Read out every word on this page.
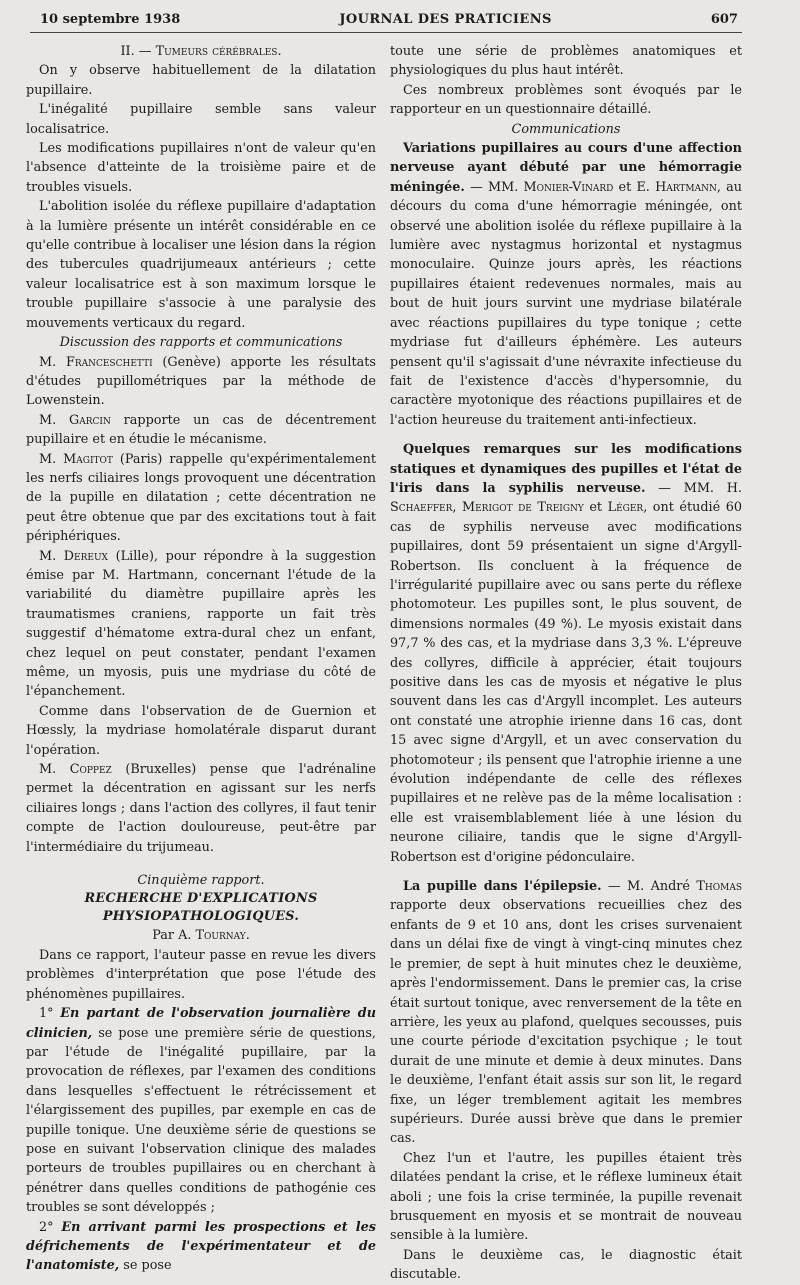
10 septembre 1938	JOURNAL DES PRATICIENS	607

II. — Tumeurs cérébrales.

On y observe habituellement de la dilatation pupillaire.

L'inégalité pupillaire semble sans valeur localisatrice.

Les modifications pupillaires n'ont de valeur qu'en l'absence d'atteinte de la troisième paire et de troubles visuels.

L'abolition isolée du réflexe pupillaire d'adaptation à la lumière présente un intérêt considérable en ce qu'elle contribue à localiser une lésion dans la région des tubercules quadrijumeaux antérieurs ; cette valeur localisatrice est à son maximum lorsque le trouble pupillaire s'associe à une paralysie des mouvements verticaux du regard.

Discussion des rapports et communications

M. Franceschetti (Genève) apporte les résultats d'études pupillométriques par la méthode de Lowenstein.

M. Garcin rapporte un cas de décentrement pupillaire et en étudie le mécanisme.

M. Magitot (Paris) rappelle qu'expérimentalement les nerfs ciliaires longs provoquent une décentration de la pupille en dilatation ; cette décentration ne peut être obtenue que par des excitations tout à fait périphériques.

M. Dereux (Lille), pour répondre à la suggestion émise par M. Hartmann, concernant l'étude de la variabilité du diamètre pupillaire après les traumatismes craniens, rapporte un fait très suggestif d'hématome extra-dural chez un enfant, chez lequel on peut constater, pendant l'examen même, un myosis, puis une mydriase du côté de l'épanchement.

Comme dans l'observation de de Guernion et Hœssly, la mydriase homolatérale disparut durant l'opération.

M. Coppez (Bruxelles) pense que l'adrénaline permet la décentration en agissant sur les nerfs ciliaires longs ; dans l'action des collyres, il faut tenir compte de l'action douloureuse, peut-être par l'intermédiaire du trijumeau.

Cinquième rapport.

RECHERCHE D'EXPLICATIONS PHYSIOPATHOLOGIQUES.

Par A. Tournay.

Dans ce rapport, l'auteur passe en revue les divers problèmes d'interprétation que pose l'étude des phénomènes pupillaires.

1° En partant de l'observation journalière du clinicien, se pose une première série de questions, par l'étude de l'inégalité pupillaire, par la provocation de réflexes, par l'examen des conditions dans lesquelles s'effectuent le rétrécissement et l'élargissement des pupilles, par exemple en cas de pupille tonique. Une deuxième série de questions se pose en suivant l'observation clinique des malades porteurs de troubles pupillaires ou en cherchant à pénétrer dans quelles conditions de pathogénie ces troubles se sont développés ;

2° En arrivant parmi les prospections et les défrichements de l'expérimentateur et de l'anatomiste, se pose

toute une série de problèmes anatomiques et physiologiques du plus haut intérêt.

Ces nombreux problèmes sont évoqués par le rapporteur en un questionnaire détaillé.

Communications

Variations pupillaires au cours d'une affection nerveuse ayant débuté par une hémorragie méningée. — MM. Monier-Vinard et E. Hartmann, au décours du coma d'une hémorragie méningée, ont observé une abolition isolée du réflexe pupillaire à la lumière avec nystagmus horizontal et nystagmus monoculaire. Quinze jours après, les réactions pupillaires étaient redevenues normales, mais au bout de huit jours survint une mydriase bilatérale avec réactions pupillaires du type tonique ; cette mydriase fut d'ailleurs éphémère. Les auteurs pensent qu'il s'agissait d'une névraxite infectieuse du fait de l'existence d'accès d'hypersomnie, du caractère myotonique des réactions pupillaires et de l'action heureuse du traitement anti-infectieux.

Quelques remarques sur les modifications statiques et dynamiques des pupilles et l'état de l'iris dans la syphilis nerveuse. — MM. H. Schaeffer, Merigot de Treigny et Léger, ont étudié 60 cas de syphilis nerveuse avec modifications pupillaires, dont 59 présentaient un signe d'Argyll-Robertson. Ils concluent à la fréquence de l'irrégularité pupillaire avec ou sans perte du réflexe photomoteur. Les pupilles sont, le plus souvent, de dimensions normales (49 %). Le myosis existait dans 97,7 % des cas, et la mydriase dans 3,3 %. L'épreuve des collyres, difficile à apprécier, était toujours positive dans les cas de myosis et négative le plus souvent dans les cas d'Argyll incomplet. Les auteurs ont constaté une atrophie irienne dans 16 cas, dont 15 avec signe d'Argyll, et un avec conservation du photomoteur ; ils pensent que l'atrophie irienne a une évolution indépendante de celle des réflexes pupillaires et ne relève pas de la même localisation : elle est vraisemblablement liée à une lésion du neurone ciliaire, tandis que le signe d'Argyll-Robertson est d'origine pédonculaire.

La pupille dans l'épilepsie. — M. André Thomas rapporte deux observations recueillies chez des enfants de 9 et 10 ans, dont les crises survenaient dans un délai fixe de vingt à vingt-cinq minutes chez le premier, de sept à huit minutes chez le deuxième, après l'endormissement. Dans le premier cas, la crise était surtout tonique, avec renversement de la tête en arrière, les yeux au plafond, quelques secousses, puis une courte période d'excitation psychique ; le tout durait de une minute et demie à deux minutes. Dans le deuxième, l'enfant était assis sur son lit, le regard fixe, un léger tremblement agitait les membres supérieurs. Durée aussi brève que dans le premier cas.

Chez l'un et l'autre, les pupilles étaient très dilatées pendant la crise, et le réflexe lumineux était aboli ; une fois la crise terminée, la pupille revenait brusquement en myosis et se montrait de nouveau sensible à la lumière.

Dans le deuxième cas, le diagnostic était discutable.
